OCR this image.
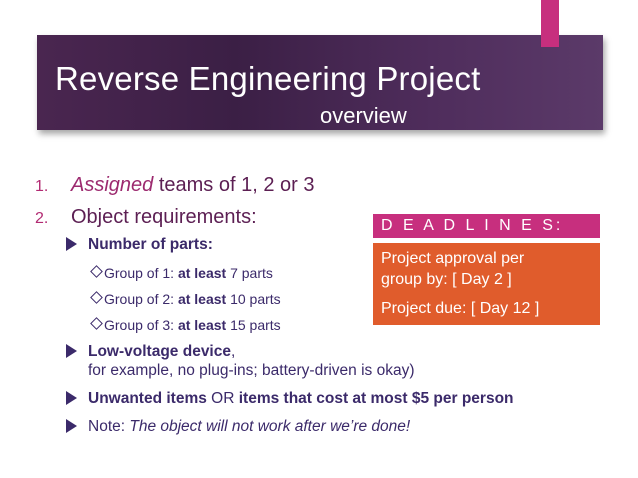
Reverse Engineering Project
overview
1. Assigned teams of 1, 2 or 3
2. Object requirements:
Number of parts:
Group of 1: at least 7 parts
Group of 2: at least 10 parts
Group of 3: at least 15 parts
Low-voltage device,
for example, no plug-ins; battery-driven is okay)
Unwanted items OR items that cost at most $5 per person
Note: The object will not work after we’re done!
D E A D L I N E S:
Project approval per
group by: [ Day 2 ]
Project due: [ Day 12 ]
